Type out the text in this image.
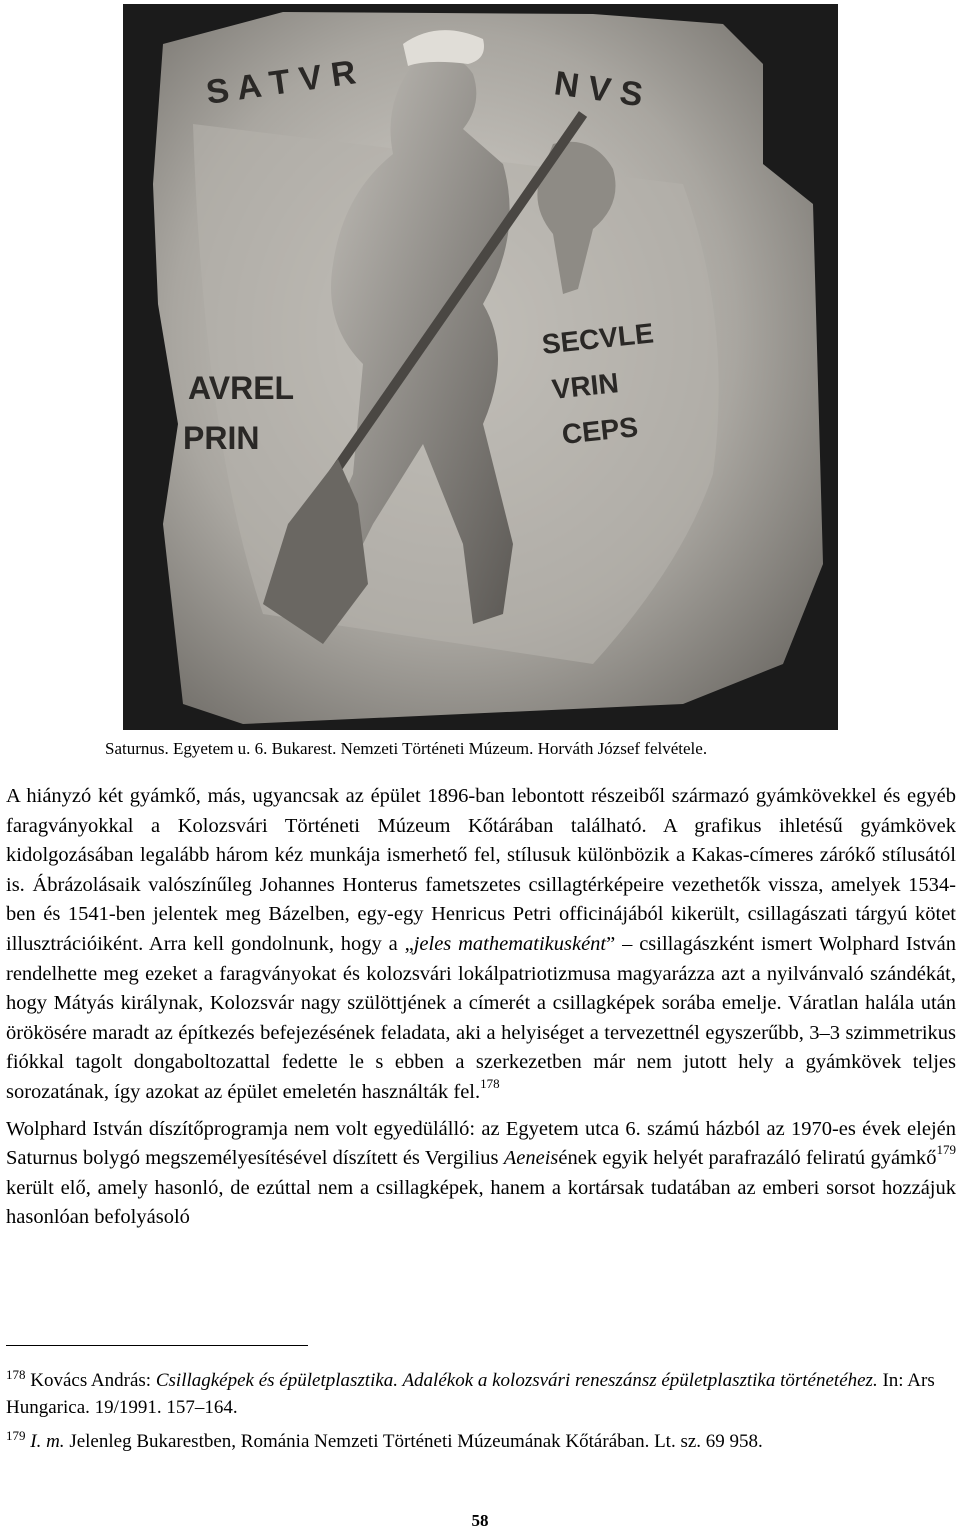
S A T V R	N V S
AVREL
PRIN
SECVLE
VRIN
CEPS
Saturnus. Egyetem u. 6. Bukarest. Nemzeti Történeti Múzeum. Horváth József felvétele.

A hiányzó két gyámkő, más, ugyancsak az épület 1896-ban lebontott részeiből származó gyámkövekkel és egyéb faragványokkal a Kolozsvári Történeti Múzeum Kőtárában található. A grafikus ihletésű gyámkövek kidolgozásában legalább három kéz munkája ismerhető fel, stílusuk különbözik a Kakas-címeres zárókő stílusától is. Ábrázolásaik valószínűleg Johannes Honterus fametszetes csillagtérképeire vezethetők vissza, amelyek 1534-ben és 1541-ben jelentek meg Bázelben, egy-egy Henricus Petri officinájából kikerült, csillagászati tárgyú kötet illusztrációiként. Arra kell gondolnunk, hogy a „jeles mathematikusként” – csillagászként ismert Wolphard István rendelhette meg ezeket a faragványokat és kolozsvári lokálpatriotizmusa magyarázza azt a nyilvánvaló szándékát, hogy Mátyás királynak, Kolozsvár nagy szülöttjének a címerét a csillagképek sorába emelje. Váratlan halála után örökösére maradt az építkezés befejezésének feladata, aki a helyiséget a tervezettnél egyszerűbb, 3–3 szimmetrikus fiókkal tagolt dongaboltozattal fedette le s ebben a szerkezetben már nem jutott hely a gyámkövek teljes sorozatának, így azokat az épület emeletén használták fel.$^{178}$

Wolphard István díszítőprogramja nem volt egyedülálló: az Egyetem utca 6. számú házból az 1970-es évek elején Saturnus bolygó megszemélyesítésével díszített és Vergilius Aeneisének egyik helyét parafrazáló feliratú gyámkő$^{179}$ került elő, amely hasonló, de ezúttal nem a csillagképek, hanem a kortársak tudatában az emberi sorsot hozzájuk hasonlóan befolyásoló

$^{178}$ Kovács András: Csillagképek és épületplasztika. Adalékok a kolozsvári reneszánsz épületplasztika történetéhez. In: Ars Hungarica. 19/1991. 157–164.

$^{179}$ I. m. Jelenleg Bukarestben, Románia Nemzeti Történeti Múzeumának Kőtárában. Lt. sz. 69 958.

58
